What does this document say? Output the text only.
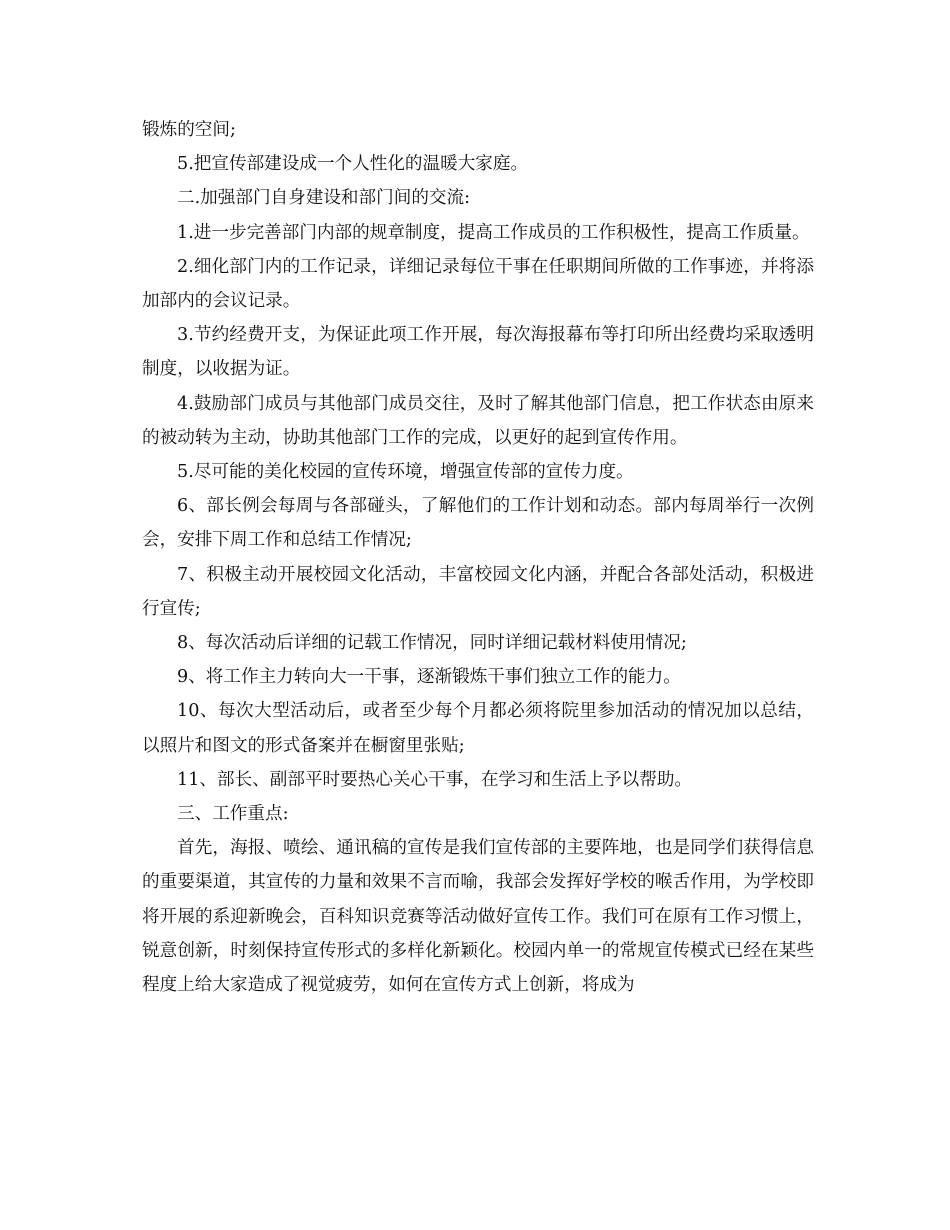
锻炼的空间;

5.把宣传部建设成一个人性化的温暖大家庭。

二.加强部门自身建设和部门间的交流:

1.进一步完善部门内部的规章制度，提高工作成员的工作积极性，提高工作质量。

2.细化部门内的工作记录，详细记录每位干事在任职期间所做的工作事迹，并将添加部内的会议记录。

3.节约经费开支，为保证此项工作开展，每次海报幕布等打印所出经费均采取透明制度，以收据为证。

4.鼓励部门成员与其他部门成员交往，及时了解其他部门信息，把工作状态由原来的被动转为主动，协助其他部门工作的完成，以更好的起到宣传作用。

5.尽可能的美化校园的宣传环境，增强宣传部的宣传力度。

6、部长例会每周与各部碰头，了解他们的工作计划和动态。部内每周举行一次例会，安排下周工作和总结工作情况;

7、积极主动开展校园文化活动，丰富校园文化内涵，并配合各部处活动，积极进行宣传;

8、每次活动后详细的记载工作情况，同时详细记载材料使用情况;

9、将工作主力转向大一干事，逐渐锻炼干事们独立工作的能力。

10、每次大型活动后，或者至少每个月都必须将院里参加活动的情况加以总结，以照片和图文的形式备案并在橱窗里张贴;

11、部长、副部平时要热心关心干事，在学习和生活上予以帮助。

三、工作重点:

首先，海报、喷绘、通讯稿的宣传是我们宣传部的主要阵地，也是同学们获得信息的重要渠道，其宣传的力量和效果不言而喻，我部会发挥好学校的喉舌作用，为学校即将开展的系迎新晚会，百科知识竞赛等活动做好宣传工作。我们可在原有工作习惯上，锐意创新，时刻保持宣传形式的多样化新颖化。校园内单一的常规宣传模式已经在某些程度上给大家造成了视觉疲劳，如何在宣传方式上创新，将成为
